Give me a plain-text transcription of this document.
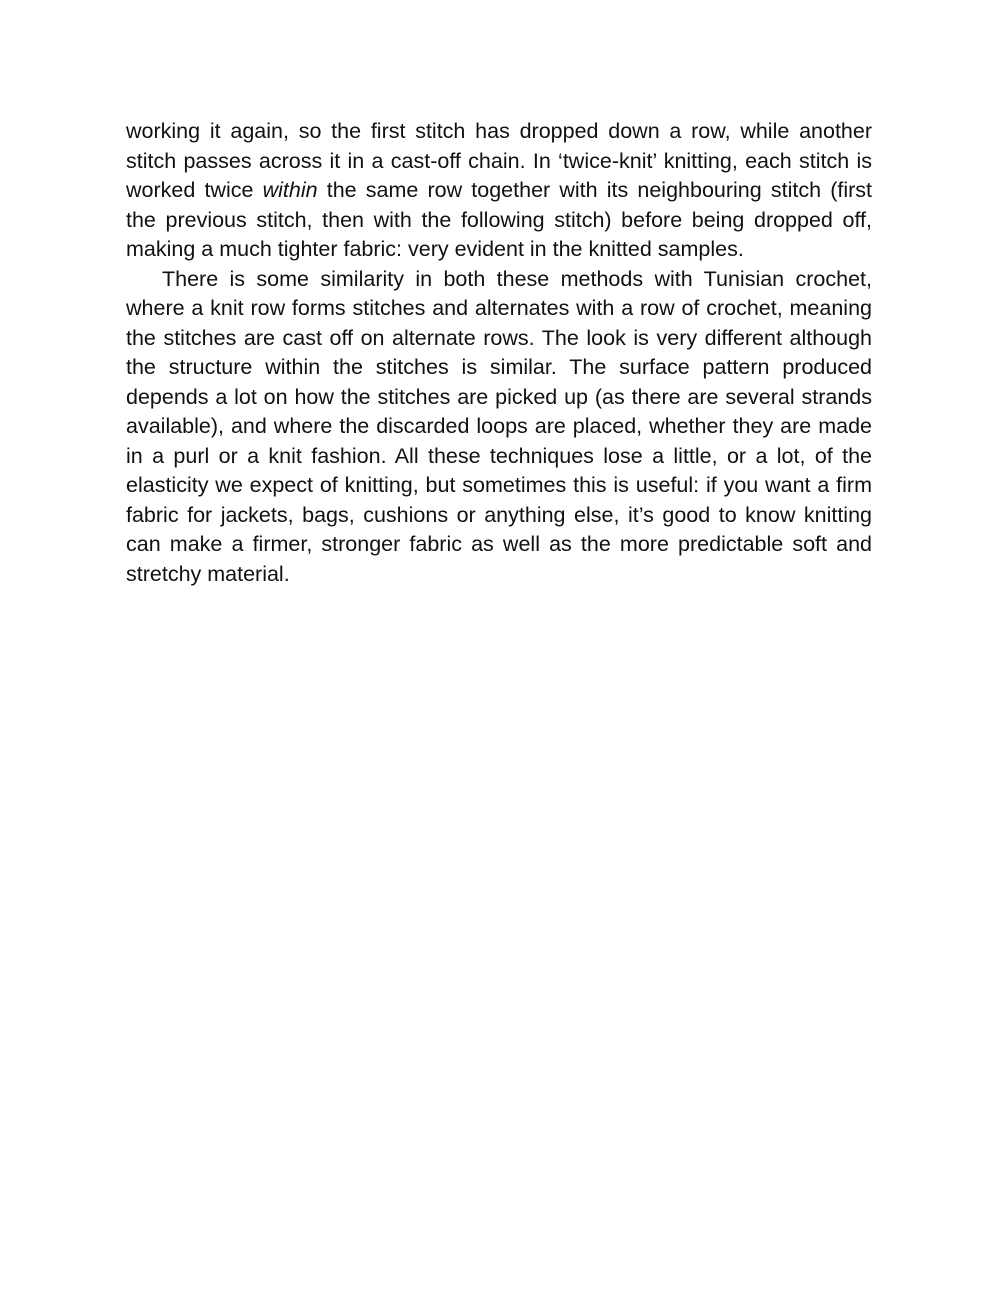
working it again, so the first stitch has dropped down a row, while another stitch passes across it in a cast-off chain. In ‘twice-knit’ knitting, each stitch is worked twice within the same row together with its neighbouring stitch (first the previous stitch, then with the following stitch) before being dropped off, making a much tighter fabric: very evident in the knitted samples.

There is some similarity in both these methods with Tunisian crochet, where a knit row forms stitches and alternates with a row of crochet, meaning the stitches are cast off on alternate rows. The look is very different although the structure within the stitches is similar. The surface pattern produced depends a lot on how the stitches are picked up (as there are several strands available), and where the discarded loops are placed, whether they are made in a purl or a knit fashion. All these techniques lose a little, or a lot, of the elasticity we expect of knitting, but sometimes this is useful: if you want a firm fabric for jackets, bags, cushions or anything else, it’s good to know knitting can make a firmer, stronger fabric as well as the more predictable soft and stretchy material.
